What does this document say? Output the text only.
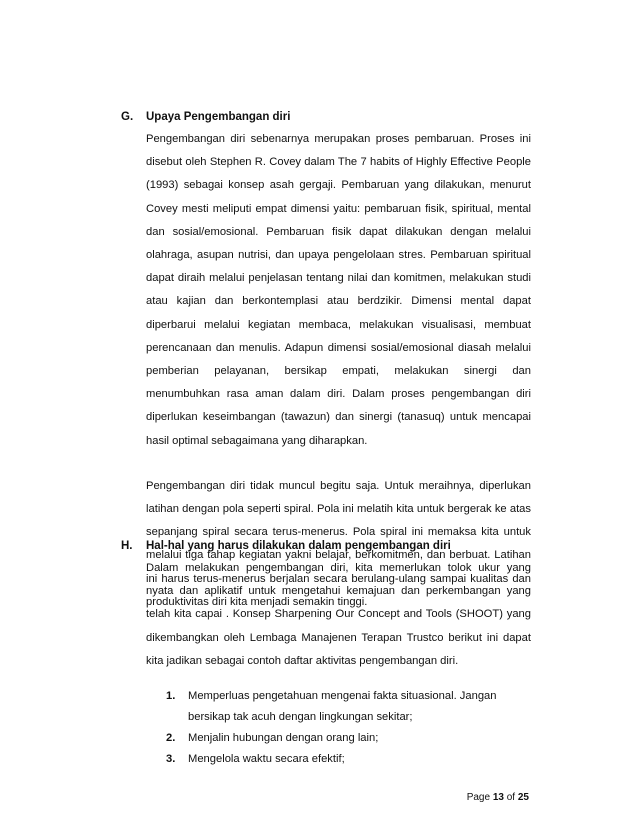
G.	Upaya Pengembangan diri

Pengembangan diri sebenarnya merupakan proses pembaruan. Proses ini disebut oleh Stephen R. Covey dalam The 7 habits of Highly Effective People (1993) sebagai konsep asah gergaji. Pembaruan yang dilakukan, menurut Covey mesti meliputi empat dimensi yaitu: pembaruan fisik, spiritual, mental dan sosial/emosional. Pembaruan fisik dapat dilakukan dengan melalui olahraga, asupan nutrisi, dan upaya pengelolaan stres. Pembaruan spiritual dapat diraih melalui penjelasan tentang nilai dan komitmen, melakukan studi atau kajian dan berkontemplasi atau berdzikir. Dimensi mental dapat diperbarui melalui kegiatan membaca, melakukan visualisasi, membuat perencanaan dan menulis. Adapun dimensi sosial/emosional diasah melalui pemberian pelayanan, bersikap empati, melakukan sinergi dan menumbuhkan rasa aman dalam diri. Dalam proses pengembangan diri diperlukan keseimbangan (tawazun) dan sinergi (tanasuq) untuk mencapai hasil optimal sebagaimana yang diharapkan.

Pengembangan diri tidak muncul begitu saja. Untuk meraihnya, diperlukan latihan dengan pola seperti spiral. Pola ini melatih kita untuk bergerak ke atas sepanjang spiral secara terus-menerus. Pola spiral ini memaksa kita untuk melalui tiga tahap kegiatan yakni belajar, berkomitmen, dan berbuat. Latihan ini harus terus-menerus berjalan secara berulang-ulang sampai kualitas dan produktivitas diri kita menjadi semakin tinggi.

H.	Hal-hal yang harus dilakukan dalam pengembangan diri

Dalam melakukan pengembangan diri, kita memerlukan tolok ukur yang nyata dan aplikatif untuk mengetahui kemajuan dan perkembangan yang telah kita capai . Konsep Sharpening Our Concept and Tools (SHOOT) yang dikembangkan oleh Lembaga Manajenen Terapan Trustco berikut ini dapat kita jadikan sebagai contoh daftar aktivitas pengembangan diri.

1.	Memperluas pengetahuan mengenai fakta situasional. Jangan bersikap tak acuh dengan lingkungan sekitar;
2.	Menjalin hubungan dengan orang lain;
3.	Mengelola waktu secara efektif;
Page 13 of 25
